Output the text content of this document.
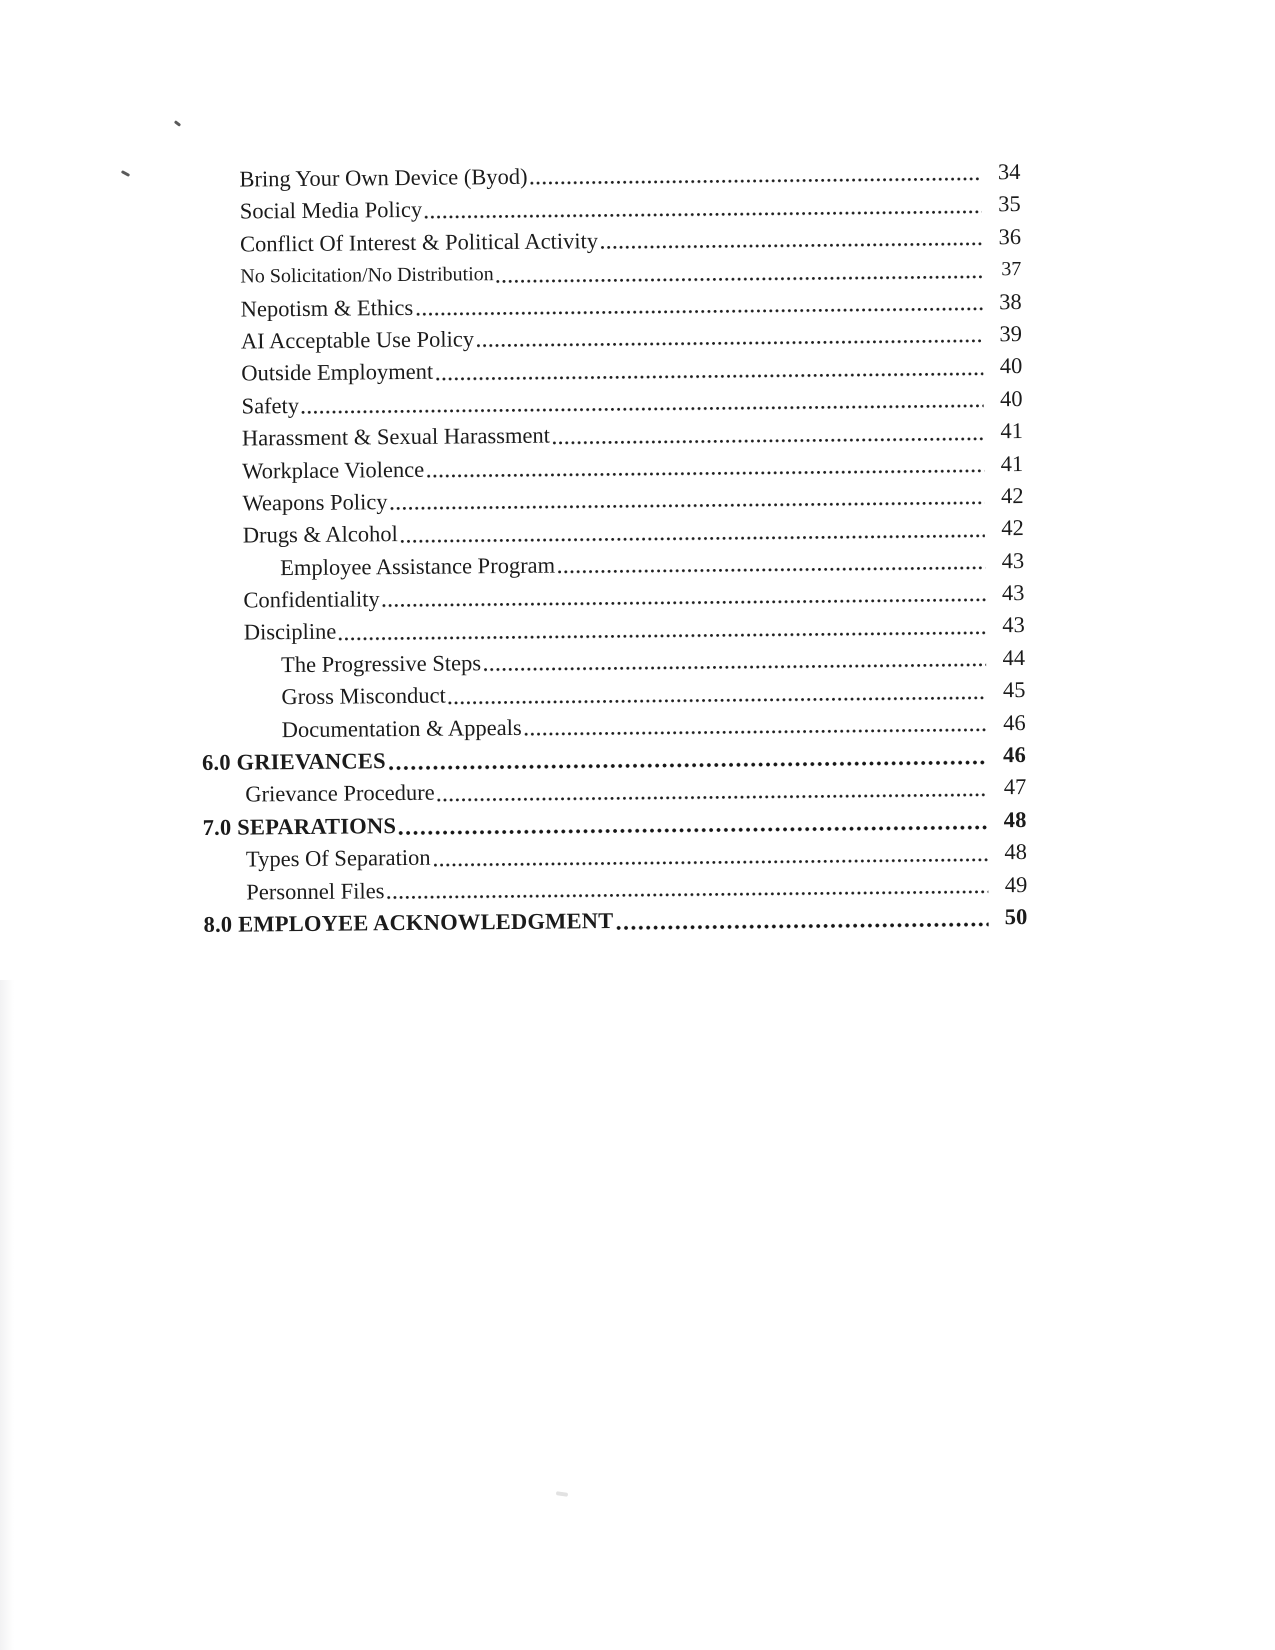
Bring Your Own Device (Byod)	34
Social Media Policy	35
Conflict Of Interest & Political Activity	36
No Solicitation/No Distribution	37
Nepotism & Ethics	38
AI Acceptable Use Policy	39
Outside Employment	40
Safety	40
Harassment & Sexual Harassment	41
Workplace Violence	41
Weapons Policy	42
Drugs & Alcohol	42
Employee Assistance Program	43
Confidentiality	43
Discipline	43
The Progressive Steps	44
Gross Misconduct	45
Documentation & Appeals	46
6.0 GRIEVANCES	46
Grievance Procedure	47
7.0 SEPARATIONS	48
Types Of Separation	48
Personnel Files	49
8.0 EMPLOYEE ACKNOWLEDGMENT	50
